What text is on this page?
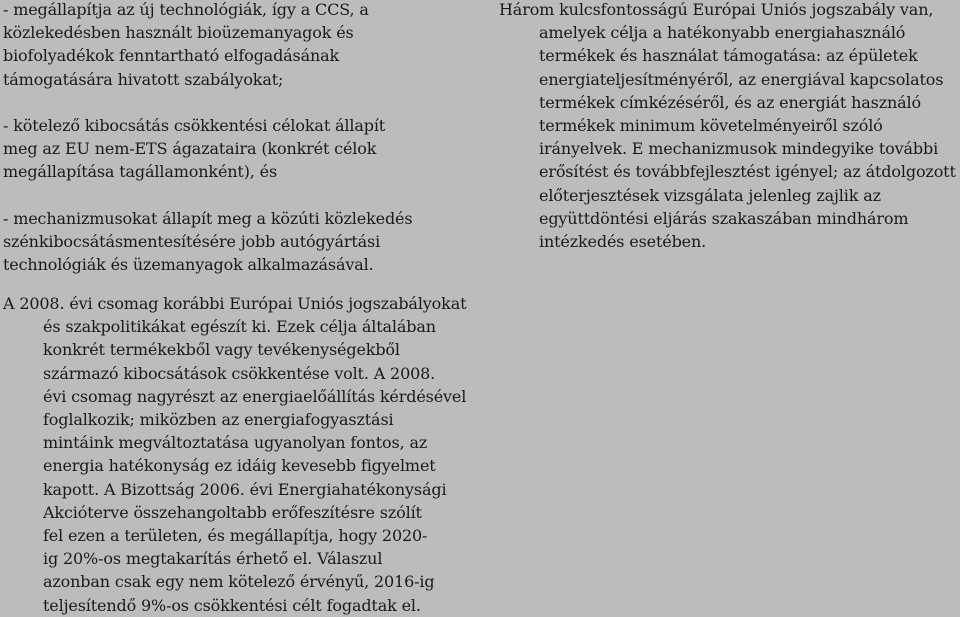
- megállapítja az új technológiák, így a CCS, a
közlekedésben használt bioüzemanyagok és
biofolyadékok fenntartható elfogadásának
támogatására hivatott szabályokat;
- kötelező kibocsátás csökkentési célokat állapít
meg az EU nem-ETS ágazataira (konkrét célok
megállapítása tagállamonként), és
- mechanizmusokat állapít meg a közúti közlekedés
szénkibocsátásmentesítésére jobb autógyártási
technológiák és üzemanyagok alkalmazásával.
A 2008. évi csomag korábbi Európai Uniós jogszabályokat
és szakpolitikákat egészít ki. Ezek célja általában
konkrét termékekből vagy tevékenységekből
származó kibocsátások csökkentése volt. A 2008.
évi csomag nagyrészt az energiaelőállítás kérdésével
foglalkozik; miközben az energiafogyasztási
mintáink megváltoztatása ugyanolyan fontos, az
energia hatékonyság ez idáig kevesebb figyelmet
kapott. A Bizottság 2006. évi Energiahatékonysági
Akcióterve összehangoltabb erőfeszítésre szólít
fel ezen a területen, és megállapítja, hogy 2020-
ig 20%-os megtakarítás érhető el. Válaszul
azonban csak egy nem kötelező érvényű, 2016-ig
teljesítendő 9%-os csökkentési célt fogadtak el.
Három kulcsfontosságú Európai Uniós jogszabály van,
amelyek célja a hatékonyabb energiahasználó
termékek és használat támogatása: az épületek
energiateljesítményéről, az energiával kapcsolatos
termékek címkézéséről, és az energiát használó
termékek minimum követelményeiről szóló
irányelvek. E mechanizmusok mindegyike további
erősítést és továbbfejlesztést igényel; az átdolgozott
előterjesztések vizsgálata jelenleg zajlik az
együttdöntési eljárás szakaszában mindhárom
intézkedés esetében.
